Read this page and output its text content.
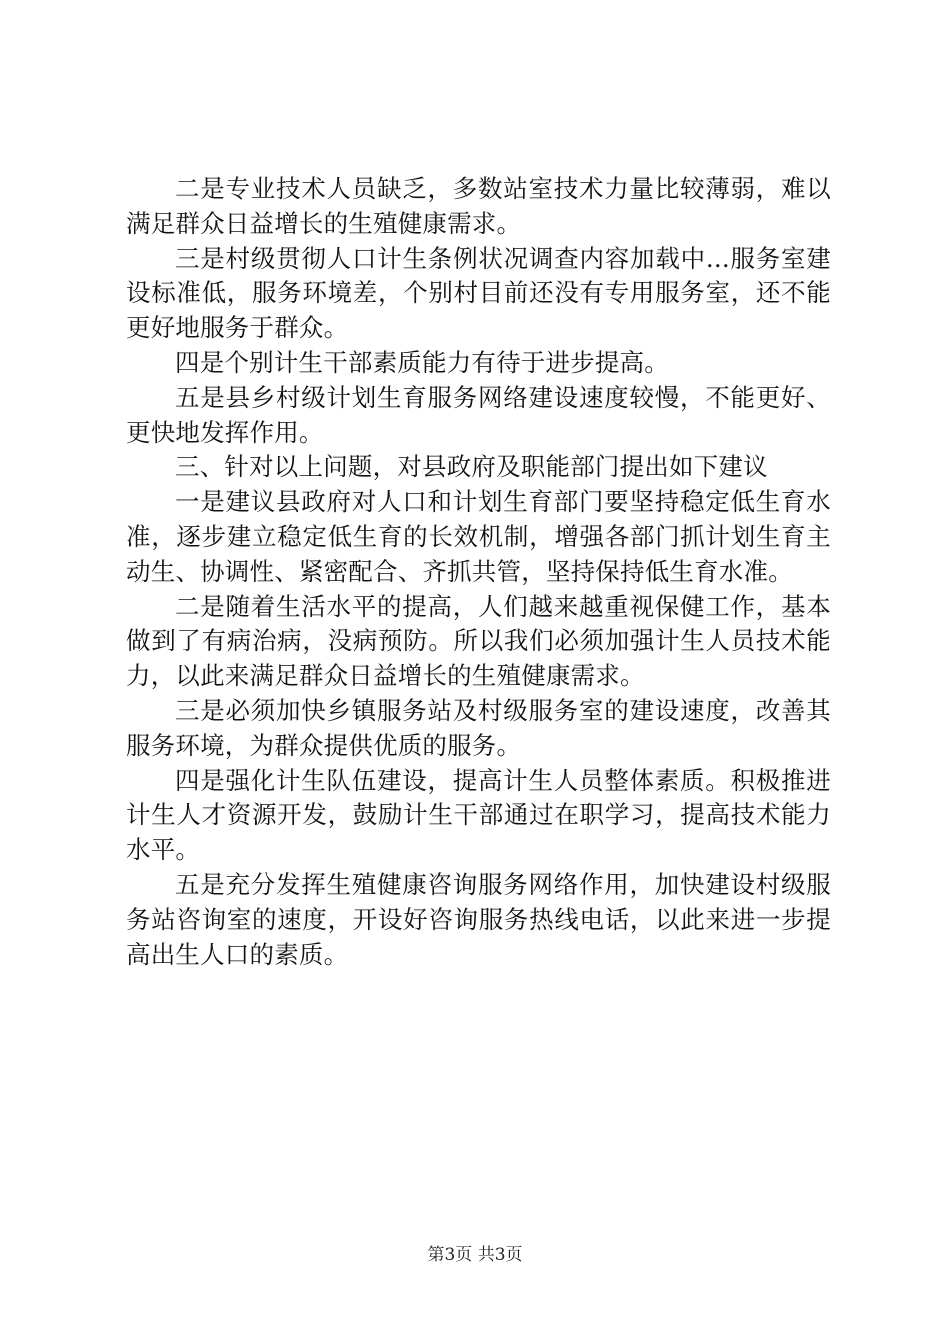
二是专业技术人员缺乏，多数站室技术力量比较薄弱，难以满足群众日益增长的生殖健康需求。

三是村级贯彻人口计生条例状况调查内容加载中...服务室建设标准低，服务环境差，个别村目前还没有专用服务室，还不能更好地服务于群众。

四是个别计生干部素质能力有待于进步提高。

五是县乡村级计划生育服务网络建设速度较慢，不能更好、更快地发挥作用。

三、针对以上问题，对县政府及职能部门提出如下建议

一是建议县政府对人口和计划生育部门要坚持稳定低生育水准，逐步建立稳定低生育的长效机制，增强各部门抓计划生育主动生、协调性、紧密配合、齐抓共管，坚持保持低生育水准。

二是随着生活水平的提高，人们越来越重视保健工作，基本做到了有病治病，没病预防。所以我们必须加强计生人员技术能力，以此来满足群众日益增长的生殖健康需求。

三是必须加快乡镇服务站及村级服务室的建设速度，改善其服务环境，为群众提供优质的服务。

四是强化计生队伍建设，提高计生人员整体素质。积极推进计生人才资源开发，鼓励计生干部通过在职学习，提高技术能力水平。

五是充分发挥生殖健康咨询服务网络作用，加快建设村级服务站咨询室的速度，开设好咨询服务热线电话，以此来进一步提高出生人口的素质。

第3页 共3页
